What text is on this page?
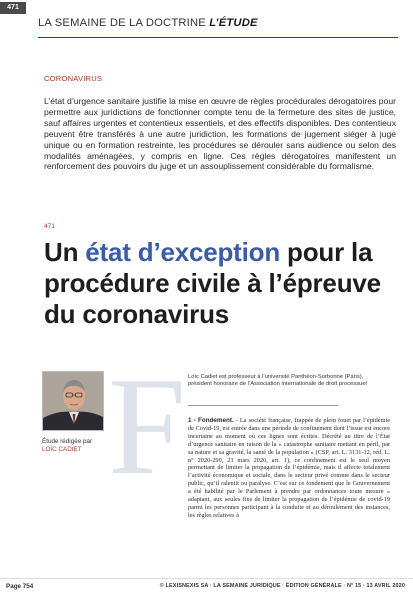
471
LA SEMAINE DE LA DOCTRINE L’ÉTUDE
CORONAVIRUS

L’état d’urgence sanitaire justifie la mise en œuvre de règles procédurales dérogatoires pour permettre aux juridictions de fonctionner compte tenu de la fermeture des sites de justice, sauf affaires urgentes et contentieux essentiels, et des effectifs disponibles. Des contentieux peuvent être transférés à une autre juridiction, les formations de jugement siéger à juge unique ou en formation restreinte, les procédures se dérouler sans audience ou selon des modalités aménagées, y compris en ligne. Ces règles dérogatoires manifestent un renforcement des pouvoirs du juge et un assouplissement considérable du formalisme.

471
Un état d’exception pour la procédure civile à l’épreuve du coronavirus
F
Étude rédigée par
LOÏC CADIET
Loïc Cadiet est professeur à l’université Panthéon-Sorbonne (Paris), président honoraire de l’Association internationale de droit processuel

1 - Fondement. - La société française, frappée de plein fouet par l’épidémie de Covid-19, est entrée dans une période de confinement dont l’issue est encore incertaine au moment où ces lignes sont écrites. Décrété au titre de l’État d’urgence sanitaire en raison de la « catastrophe sanitaire mettant en péril, par sa nature et sa gravité, la santé de la population » (CSP, art. L. 3131-12, réd. L. n° 2020-290, 23 mars 2020, art. 1), ce confinement est le seul moyen permettant de limiter la propagation de l’épidémie, mais il affecte totalement l’activité économique et sociale, dans le secteur privé comme dans le secteur public, qu’il ralentit ou paralyse. C’est sur ce fondement que le Gouvernement a été habilité par le Parlement à prendre par ordonnances toute mesure « adaptant, aux seules fins de limiter la propagation de l’épidémie de covid-19 parmi les personnes participant à la conduite et au déroulement des instances, les règles relatives à

Page 754	© LEXISNEXIS SA · LA SEMAINE JURIDIQUE · ÉDITION GÉNÉRALE · N° 15 · 13 AVRIL 2020
